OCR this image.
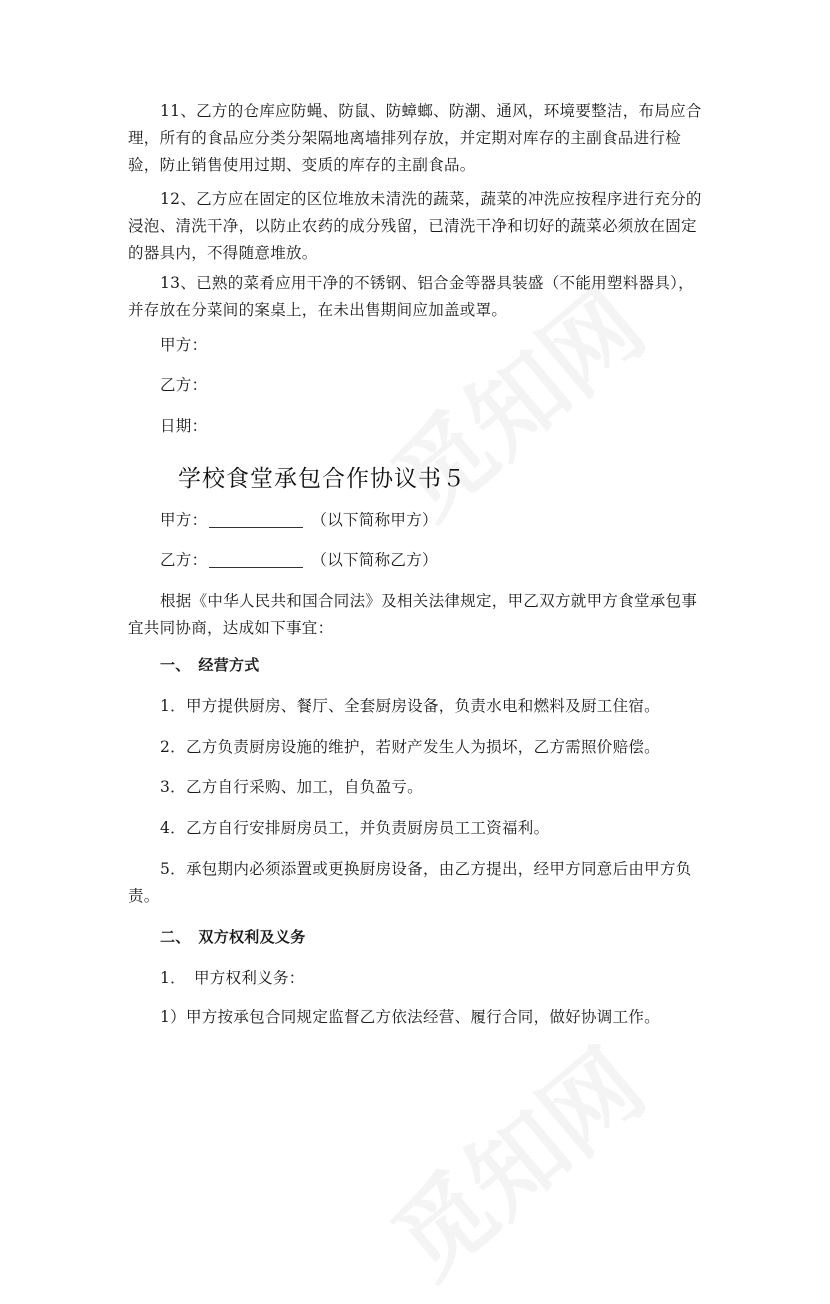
11、乙方的仓库应防蝇、防鼠、防蟑螂、防潮、通风，环境要整洁，布局应合理，所有的食品应分类分架隔地离墙排列存放，并定期对库存的主副食品进行检验，防止销售使用过期、变质的库存的主副食品。

12、乙方应在固定的区位堆放未清洗的蔬菜，蔬菜的冲洗应按程序进行充分的浸泡、清洗干净，以防止农药的成分残留，已清洗干净和切好的蔬菜必须放在固定的器具内，不得随意堆放。

13、已熟的菜肴应用干净的不锈钢、铝合金等器具装盛（不能用塑料器具），并存放在分菜间的案桌上，在未出售期间应加盖或罩。

甲方：

乙方：

日期：

学校食堂承包合作协议书５

甲方：	（以下简称甲方）

乙方：	（以下简称乙方）

根据《中华人民共和国合同法》及相关法律规定，甲乙双方就甲方食堂承包事宜共同协商，达成如下事宜：

一、　经营方式

1．甲方提供厨房、餐厅、全套厨房设备，负责水电和燃料及厨工住宿。

2．乙方负责厨房设施的维护，若财产发生人为损坏，乙方需照价赔偿。

3．乙方自行采购、加工，自负盈亏。

4．乙方自行安排厨房员工，并负责厨房员工工资福利。

5．承包期内必须添置或更换厨房设备，由乙方提出，经甲方同意后由甲方负责。

二、　双方权利及义务

1．　甲方权利义务：

1）甲方按承包合同规定监督乙方依法经营、履行合同，做好协调工作。
